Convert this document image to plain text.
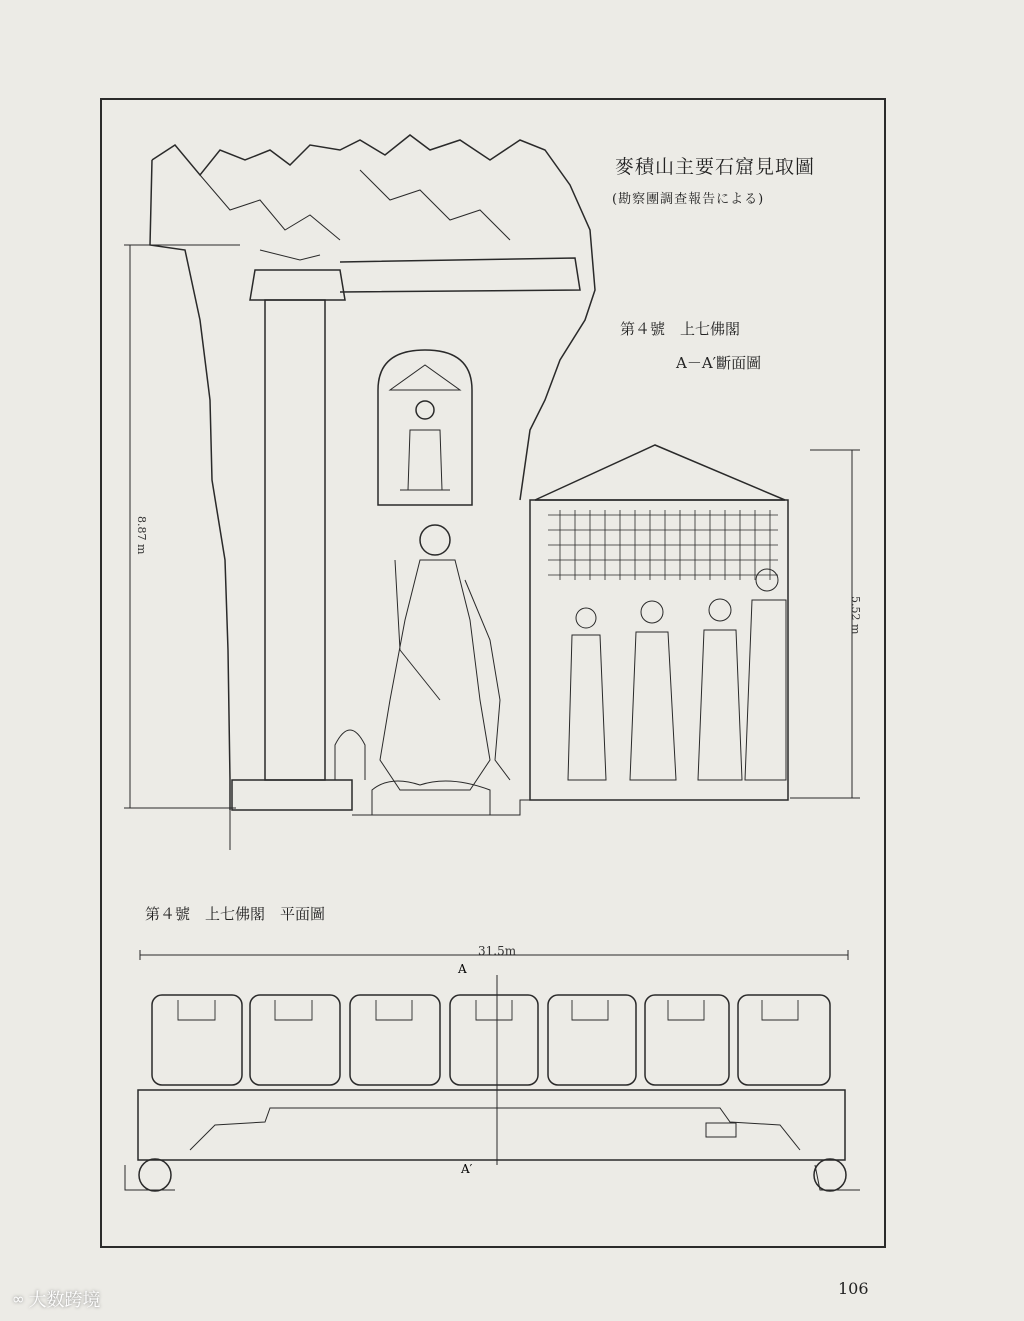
麥積山主要石窟見取圖
(勘察團調查報告による)
第４號　上七佛閣
A－A′斷面圖
第４號　上七佛閣　平面圖
8.87 m
5.52 m
31.5m
A
A′
106
∞ 大数跨境
